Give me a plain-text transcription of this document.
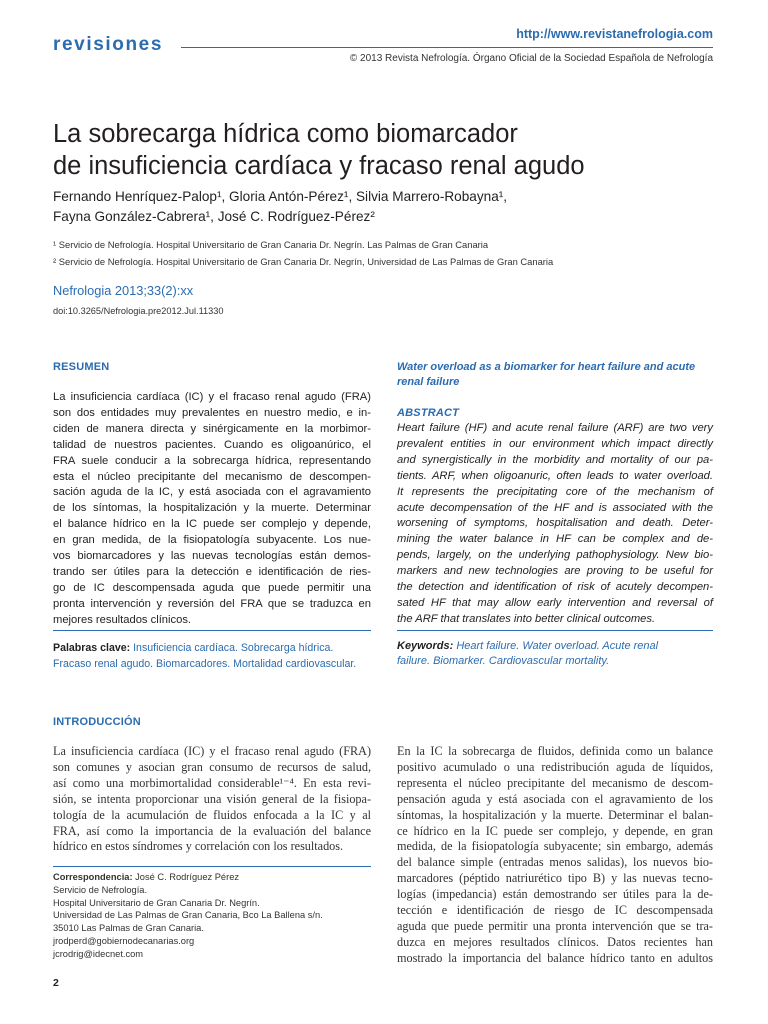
revisiones	http://www.revistanefrologia.com
© 2013 Revista Nefrología. Órgano Oficial de la Sociedad Española de Nefrología
La sobrecarga hídrica como biomarcador
de insuficiencia cardíaca y fracaso renal agudo
Fernando Henríquez-Palop¹, Gloria Antón-Pérez¹, Silvia Marrero-Robayna¹,
Fayna González-Cabrera¹, José C. Rodríguez-Pérez²
¹ Servicio de Nefrología. Hospital Universitario de Gran Canaria Dr. Negrín. Las Palmas de Gran Canaria
² Servicio de Nefrología. Hospital Universitario de Gran Canaria Dr. Negrín, Universidad de Las Palmas de Gran Canaria
Nefrologia 2013;33(2):xx
doi:10.3265/Nefrologia.pre2012.Jul.11330
RESUMEN
La insuficiencia cardíaca (IC) y el fracaso renal agudo (FRA)
son dos entidades muy prevalentes en nuestro medio, e in-
ciden de manera directa y sinérgicamente en la morbimor-
talidad de nuestros pacientes. Cuando es oligoanúrico, el
FRA suele conducir a la sobrecarga hídrica, representando
esta el núcleo precipitante del mecanismo de descompen-
sación aguda de la IC, y está asociada con el agravamiento
de los síntomas, la hospitalización y la muerte. Determinar
el balance hídrico en la IC puede ser complejo y depende,
en gran medida, de la fisiopatología subyacente. Los nue-
vos biomarcadores y las nuevas tecnologías están demos-
trando ser útiles para la detección e identificación de ries-
go de IC descompensada aguda que puede permitir una
pronta intervención y reversión del FRA que se traduzca en
mejores resultados clínicos.
Palabras clave: Insuficiencia cardíaca. Sobrecarga hídrica.
Fracaso renal agudo. Biomarcadores. Mortalidad cardiovascular.
Water overload as a biomarker for heart failure and acute
renal failure
ABSTRACT
Heart failure (HF) and acute renal failure (ARF) are two very
prevalent entities in our environment which impact directly
and synergistically in the morbidity and mortality of our pa-
tients. ARF, when oligoanuric, often leads to water overload.
It represents the precipitating core of the mechanism of
acute decompensation of the HF and is associated with the
worsening of symptoms, hospitalisation and death. Deter-
mining the water balance in HF can be complex and de-
pends, largely, on the underlying pathophysiology. New bio-
markers and new technologies are proving to be useful for
the detection and identification of risk of acutely decompen-
sated HF that may allow early intervention and reversal of
the ARF that translates into better clinical outcomes.
Keywords: Heart failure. Water overload. Acute renal
failure. Biomarker. Cardiovascular mortality.
INTRODUCCIÓN
La insuficiencia cardíaca (IC) y el fracaso renal agudo (FRA)
son comunes y asocian gran consumo de recursos de salud,
así como una morbimortalidad considerable¹⁻⁴. En esta revi-
sión, se intenta proporcionar una visión general de la fisiopa-
tología de la acumulación de fluidos enfocada a la IC y al
FRA, así como la importancia de la evaluación del balance
hídrico en estos síndromes y correlación con los resultados.
En la IC la sobrecarga de fluidos, definida como un balance
positivo acumulado o una redistribución aguda de líquidos,
representa el núcleo precipitante del mecanismo de descom-
pensación aguda y está asociada con el agravamiento de los
síntomas, la hospitalización y la muerte. Determinar el balan-
ce hídrico en la IC puede ser complejo, y depende, en gran
medida, de la fisiopatología subyacente; sin embargo, además
del balance simple (entradas menos salidas), los nuevos bio-
marcadores (péptido natriurético tipo B) y las nuevas tecno-
logías (impedancia) están demostrando ser útiles para la de-
tección e identificación de riesgo de IC descompensada
aguda que puede permitir una pronta intervención que se tra-
duzca en mejores resultados clínicos. Datos recientes han
mostrado la importancia del balance hídrico tanto en adultos
Correspondencia: José C. Rodríguez Pérez
Servicio de Nefrología.
Hospital Universitario de Gran Canaria Dr. Negrín.
Universidad de Las Palmas de Gran Canaria, Bco La Ballena s/n.
35010 Las Palmas de Gran Canaria.
jrodperd@gobiernodecanarias.org
jcrodrig@idecnet.com
2
